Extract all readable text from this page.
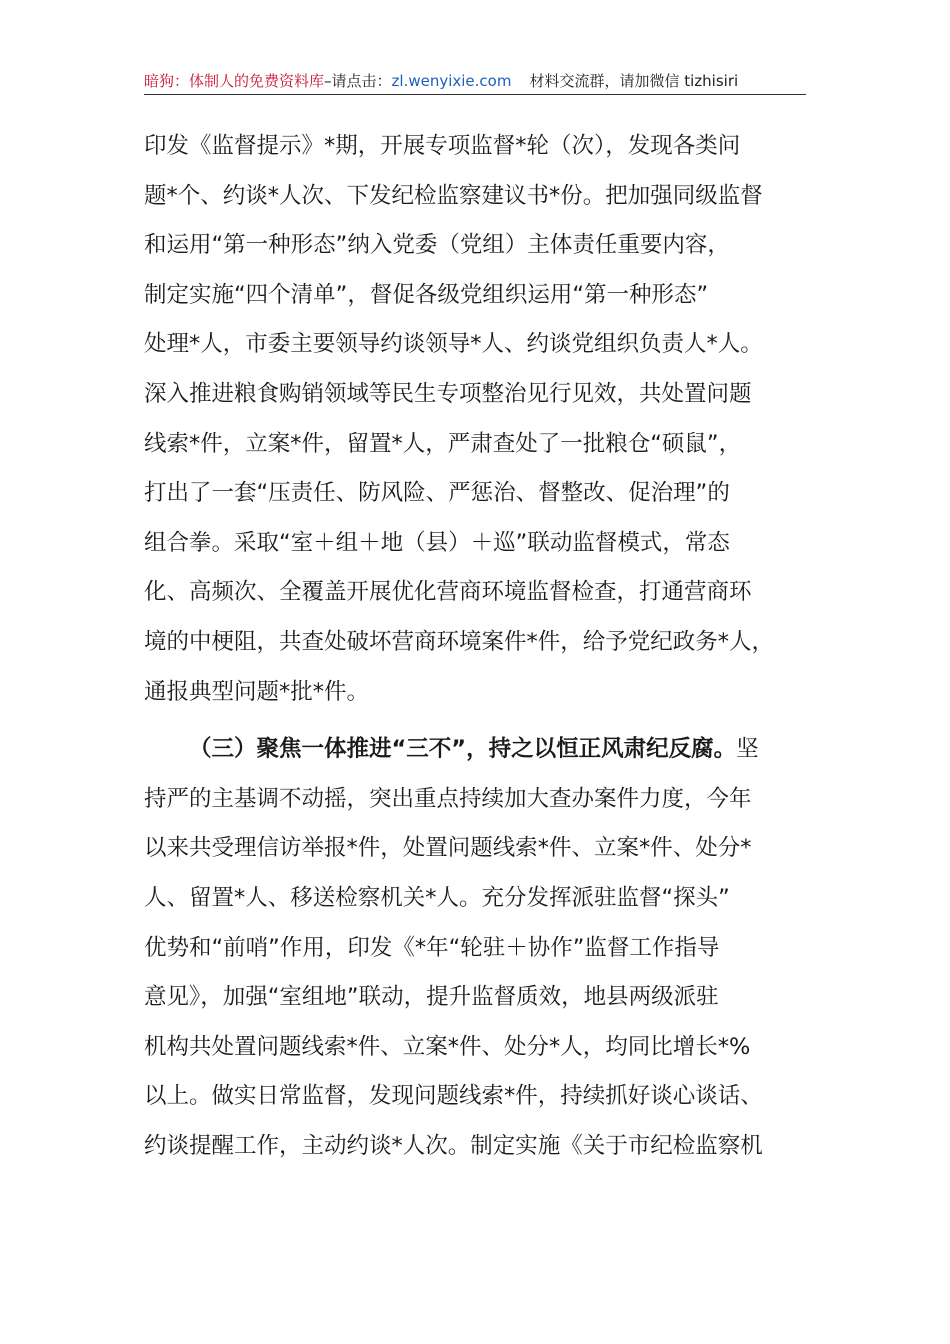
暗狗：体制人的免费资料库–请点击：zl.wenyixie.com 材料交流群，请加微信 tizhisiri
印发《监督提示》*期，开展专项监督*轮（次），发现各类问
题*个、约谈*人次、下发纪检监察建议书*份。把加强同级监督
和运用“第一种形态”纳入党委（党组）主体责任重要内容，
制定实施“四个清单”，督促各级党组织运用“第一种形态”
处理*人，市委主要领导约谈领导*人、约谈党组织负责人*人。
深入推进粮食购销领域等民生专项整治见行见效，共处置问题
线索*件，立案*件，留置*人，严肃查处了一批粮仓“硕鼠”，
打出了一套“压责任、防风险、严惩治、督整改、促治理”的
组合拳。采取“室＋组＋地（县）＋巡”联动监督模式，常态
化、高频次、全覆盖开展优化营商环境监督检查，打通营商环
境的中梗阻，共查处破坏营商环境案件*件，给予党纪政务*人，
通报典型问题*批*件。
（三）聚焦一体推进“三不”，持之以恒正风肃纪反腐。坚
持严的主基调不动摇，突出重点持续加大查办案件力度，今年
以来共受理信访举报*件，处置问题线索*件、立案*件、处分*
人、留置*人、移送检察机关*人。充分发挥派驻监督“探头”
优势和“前哨”作用，印发《*年“轮驻＋协作”监督工作指导
意见》，加强“室组地”联动，提升监督质效，地县两级派驻
机构共处置问题线索*件、立案*件、处分*人，均同比增长*%
以上。做实日常监督，发现问题线索*件，持续抓好谈心谈话、
约谈提醒工作，主动约谈*人次。制定实施《关于市纪检监察机
